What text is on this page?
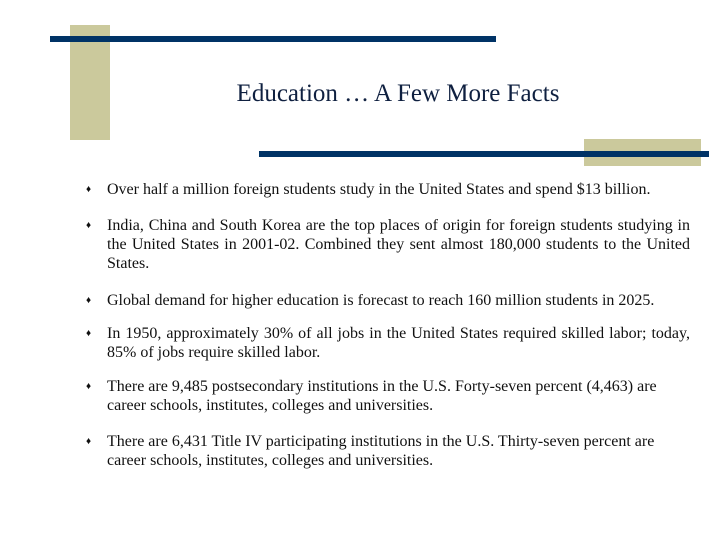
Education … A Few More Facts
♦ Over half a million foreign students study in the United States and spend $13 billion.
♦ India, China and South Korea are the top places of origin for foreign students studying in the United States in 2001-02. Combined they sent almost 180,000 students to the United States.
♦ Global demand for higher education is forecast to reach 160 million students in 2025.
♦ In 1950, approximately 30% of all jobs in the United States required skilled labor; today, 85% of jobs require skilled labor.
♦ There are 9,485 postsecondary institutions in the U.S. Forty-seven percent (4,463) are career schools, institutes, colleges and universities.
♦ There are 6,431 Title IV participating institutions in the U.S. Thirty-seven percent are career schools, institutes, colleges and universities.
